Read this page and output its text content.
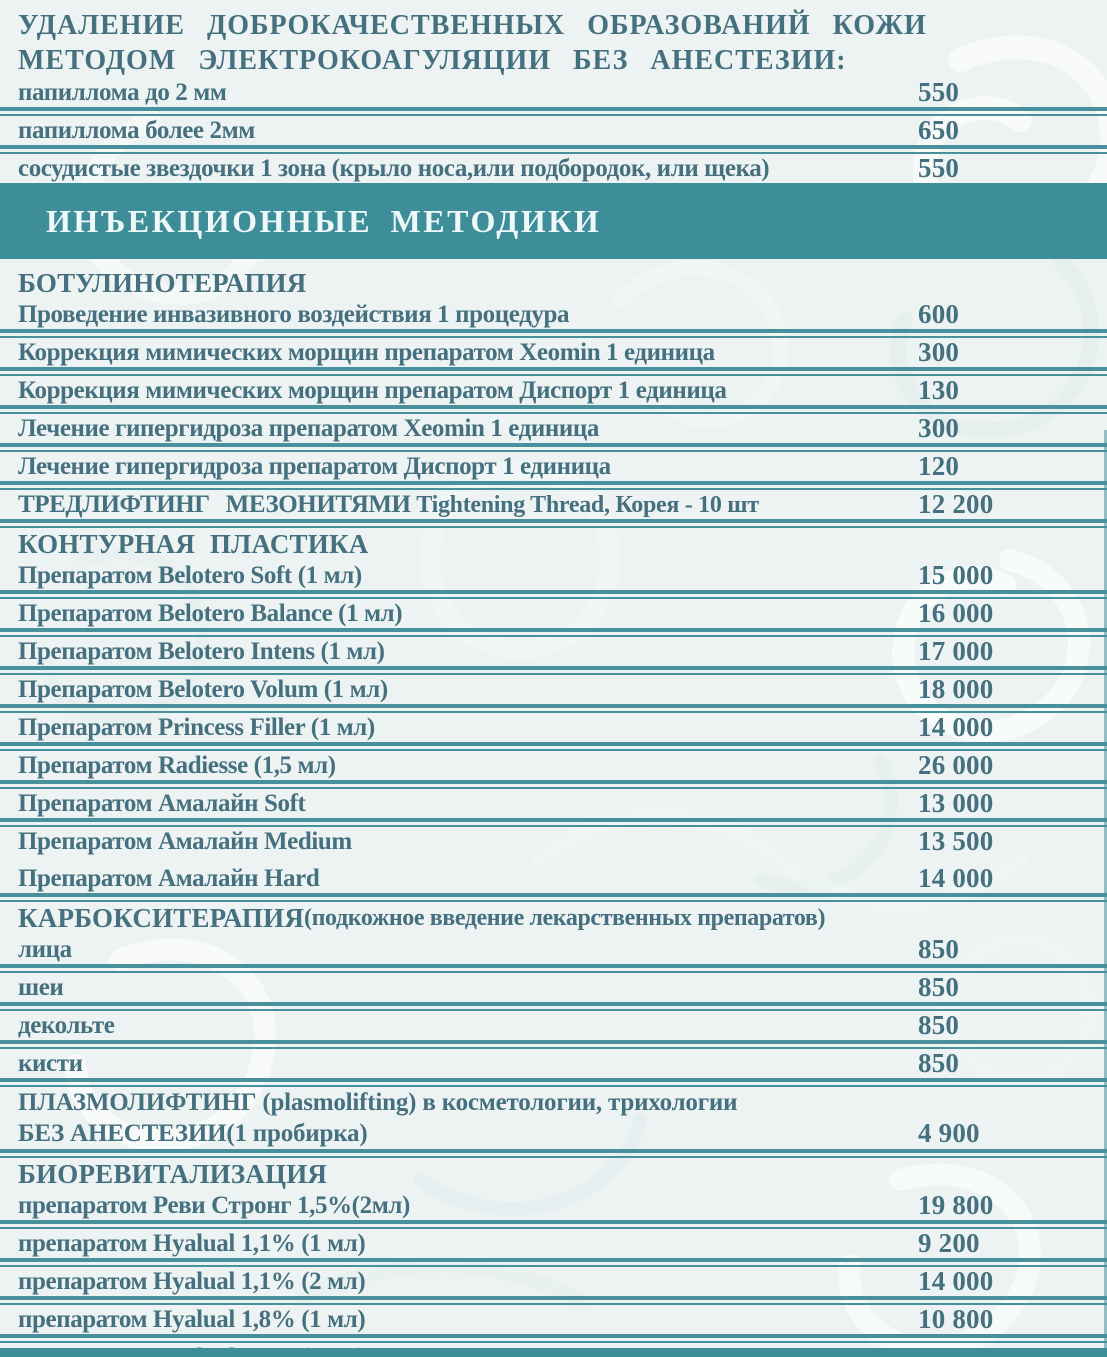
УДАЛЕНИЕ ДОБРОКАЧЕСТВЕННЫХ ОБРАЗОВАНИЙ КОЖИ
МЕТОДОМ ЭЛЕКТРОКОАГУЛЯЦИИ БЕЗ АНЕСТЕЗИИ:
папиллома до 2 мм	550
папиллома более 2мм	650
сосудистые звездочки 1 зона (крыло носа,или подбородок, или щека)	550
ИНЪЕКЦИОННЫЕ МЕТОДИКИ
БОТУЛИНОТЕРАПИЯ
Проведение инвазивного воздействия 1 процедура	600
Коррекция мимических морщин препаратом Xeomin 1 единица	300
Коррекция мимических морщин препаратом Диспорт 1 единица	130
Лечение гипергидроза препаратом Xeomin 1 единица	300
Лечение гипергидроза препаратом Диспорт 1 единица	120
ТРЕДЛИФТИНГ МЕЗОНИТЯМИ Tightening Thread, Корея - 10 шт	12 200
КОНТУРНАЯ ПЛАСТИКА
Препаратом Belotero Soft (1 мл)	15 000
Препаратом Belotero Balance (1 мл)	16 000
Препаратом Belotero Intens (1 мл)	17 000
Препаратом Belotero Volum (1 мл)	18 000
Препаратом Princess Filler (1 мл)	14 000
Препаратом Radiesse (1,5 мл)	26 000
Препаратом Амалайн Soft	13 000
Препаратом Амалайн Medium	13 500
Препаратом Амалайн Hard	14 000
КАРБОКСИТЕРАПИЯ (подкожное введение лекарственных препаратов)
лица	850
шеи	850
декольте	850
кисти	850
ПЛАЗМОЛИФТИНГ (plasmolifting) в косметологии, трихологии
БЕЗ АНЕСТЕЗИИ(1 пробирка)	4 900
БИОРЕВИТАЛИЗАЦИЯ
препаратом Реви Стронг 1,5%(2мл)	19 800
препаратом Hyalual 1,1% (1 мл)	9 200
препаратом Hyalual 1,1% (2 мл)	14 000
препаратом Hyalual 1,8% (1 мл)	10 800
